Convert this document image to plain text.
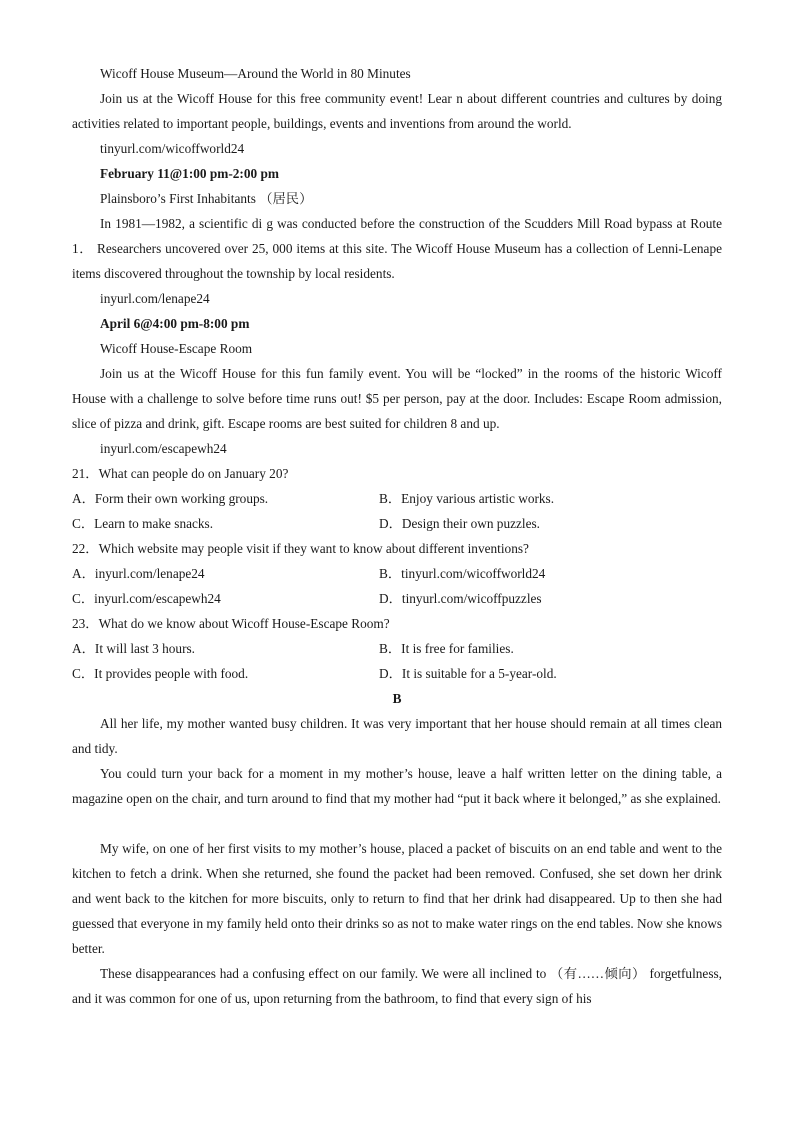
Wicoff House Museum—Around the World in 80 Minutes
Join us at the Wicoff House for this free community event! Lear n about different countries and cultures by doing activities related to important people, buildings, events and inventions from around the world.
tinyurl.com/wicoffworld24
February 11@1:00 pm-2:00 pm
Plainsboro’s First Inhabitants （居民）
In 1981—1982, a scientific di g was conducted before the construction of the Scudders Mill Road bypass at Route 1． Researchers uncovered over 25, 000 items at this site. The Wicoff House Museum has a collection of Lenni-Lenape items discovered throughout the township by local residents.
inyurl.com/lenape24
April 6@4:00 pm-8:00 pm
Wicoff House-Escape Room
Join us at the Wicoff House for this fun family event. You will be “locked” in the rooms of the historic Wicoff House with a challenge to solve before time runs out! $5 per person, pay at the door. Includes: Escape Room admission, slice of pizza and drink, gift. Escape rooms are best suited for children 8 and up.
inyurl.com/escapewh24
21．What can people do on January 20?
A．Form their own working groups.	B．Enjoy various artistic works.
C．Learn to make snacks.	D．Design their own puzzles.
22．Which website may people visit if they want to know about different inventions?
A．inyurl.com/lenape24	B．tinyurl.com/wicoffworld24
C．inyurl.com/escapewh24	D．tinyurl.com/wicoffpuzzles
23．What do we know about Wicoff House-Escape Room?
A．It will last 3 hours.	B．It is free for families.
C．It provides people with food.	D．It is suitable for a 5-year-old.
B
All her life, my mother wanted busy children. It was very important that her house should remain at all times clean and tidy.
You could turn your back for a moment in my mother’s house, leave a half written letter on the dining table, a magazine open on the chair, and turn around to find that my mother had “put it back where it belonged,” as she explained.
My wife, on one of her first visits to my mother’s house, placed a packet of biscuits on an end table and went to the kitchen to fetch a drink. When she returned, she found the packet had been removed. Confused, she set down her drink and went back to the kitchen for more biscuits, only to return to find that her drink had disappeared. Up to then she had guessed that everyone in my family held onto their drinks so as not to make water rings on the end tables. Now she knows better.
These disappearances had a confusing effect on our family. We were all inclined to （有……倾向） forgetfulness, and it was common for one of us, upon returning from the bathroom, to find that every sign of his
